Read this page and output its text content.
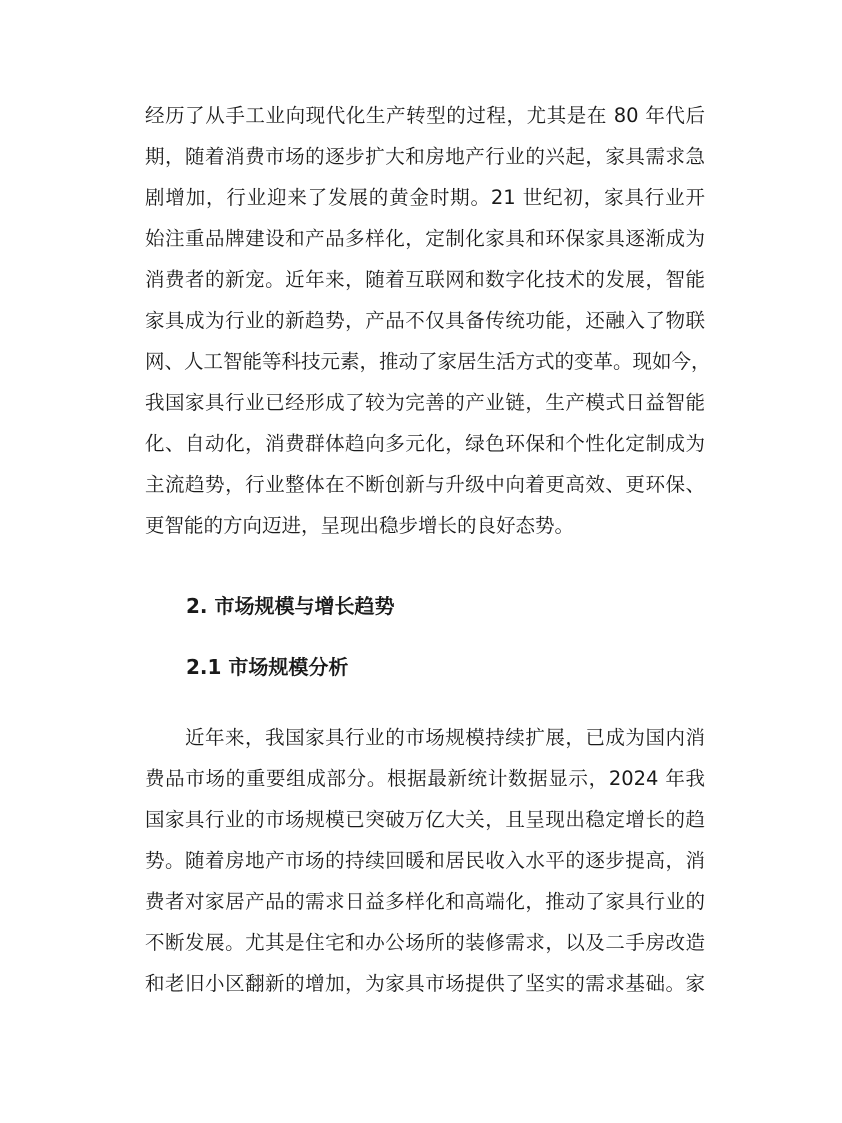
经历了从手工业向现代化生产转型的过程，尤其是在 80 年代后
期，随着消费市场的逐步扩大和房地产行业的兴起，家具需求急
剧增加，行业迎来了发展的黄金时期。21 世纪初，家具行业开
始注重品牌建设和产品多样化，定制化家具和环保家具逐渐成为
消费者的新宠。近年来，随着互联网和数字化技术的发展，智能
家具成为行业的新趋势，产品不仅具备传统功能，还融入了物联
网、人工智能等科技元素，推动了家居生活方式的变革。现如今，
我国家具行业已经形成了较为完善的产业链，生产模式日益智能
化、自动化，消费群体趋向多元化，绿色环保和个性化定制成为
主流趋势，行业整体在不断创新与升级中向着更高效、更环保、
更智能的方向迈进，呈现出稳步增长的良好态势。
2. 市场规模与增长趋势
2.1 市场规模分析
近年来，我国家具行业的市场规模持续扩展，已成为国内消
费品市场的重要组成部分。根据最新统计数据显示，2024 年我
国家具行业的市场规模已突破万亿大关，且呈现出稳定增长的趋
势。随着房地产市场的持续回暖和居民收入水平的逐步提高，消
费者对家居产品的需求日益多样化和高端化，推动了家具行业的
不断发展。尤其是住宅和办公场所的装修需求，以及二手房改造
和老旧小区翻新的增加，为家具市场提供了坚实的需求基础。家
